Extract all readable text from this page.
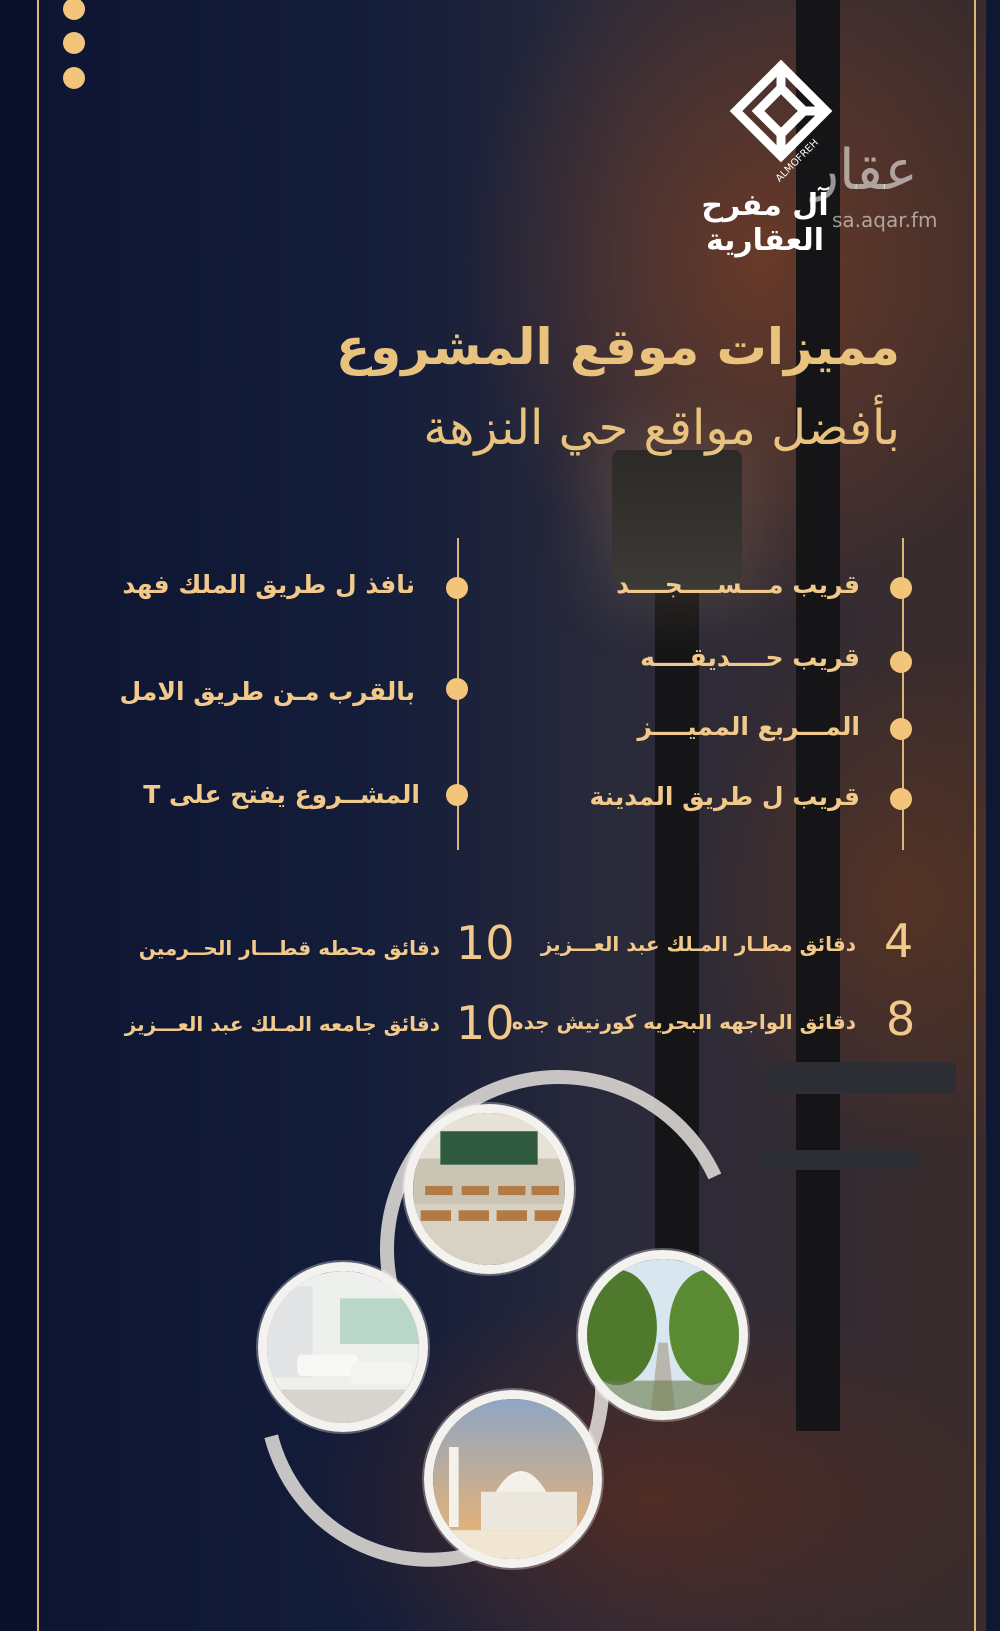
ALMOFREH
عقار
sa.aqar.fm
آل مفرح العقارية
مميزات موقع المشروع
بأفضل مواقع حي النزهة
قريب مـــســــجــــد
قريب حــــديقــــه
المـــربع المميــــز
قريب ل طريق المدينة
نافذ ل طريق الملك فهد
بالقرب مـن طريق الامل
المشــروع يفتح على T
4
دقائق مطـار المـلك عبد العـــزيز
8
دقائق الواجهه البحريه كورنيش جده
10
دقائق محطه قطـــار الحــرمين
10
دقائق جامعه المـلك عبد العـــزيز
